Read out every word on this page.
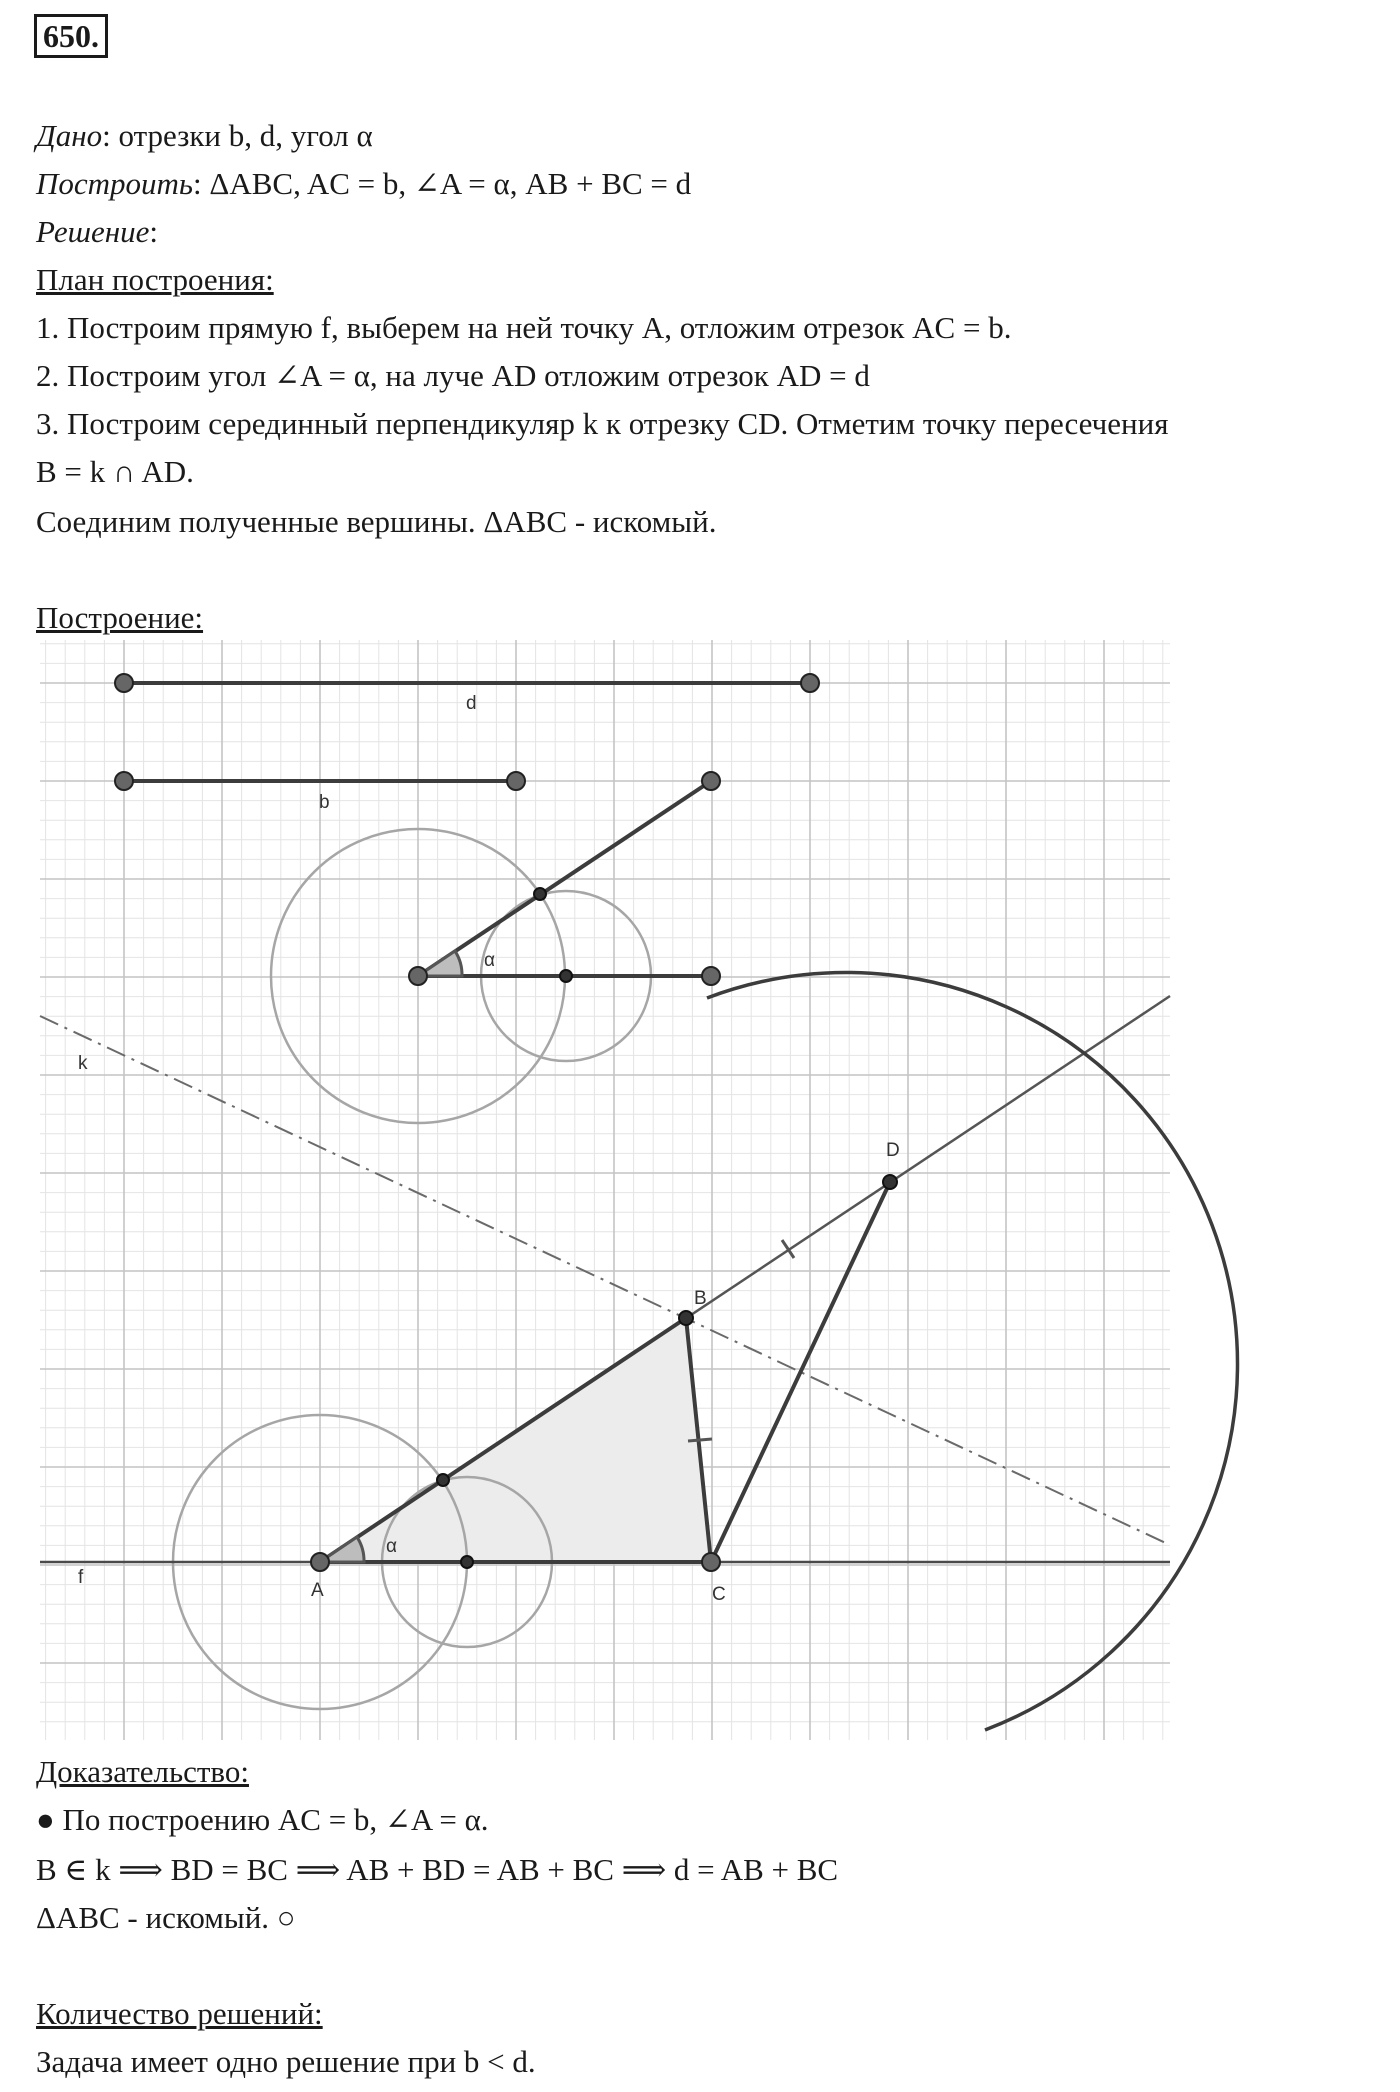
650.
Дано: отрезки b, d, угол α
Построить: ΔABC, AC = b, ∠A = α, AB + BC = d
Решение:
План построения:
1. Построим прямую f, выберем на ней точку A, отложим отрезок AC = b.
2. Построим угол ∠A = α, на луче AD отложим отрезок AD = d
3. Построим серединный перпендикуляр k к отрезку CD. Отметим точку пересечения
B = k ∩ AD.
Соединим полученные вершины. ΔABC - искомый.
Построение:
d
b
α
k
α
f
A
B
C
D
Доказательство:
● По построению AC = b, ∠A = α.
B ∈ k ⟹ BD = BC ⟹ AB + BD = AB + BC ⟹ d = AB + BC
ΔABC - искомый. ○
Количество решений:
Задача имеет одно решение при b < d.
